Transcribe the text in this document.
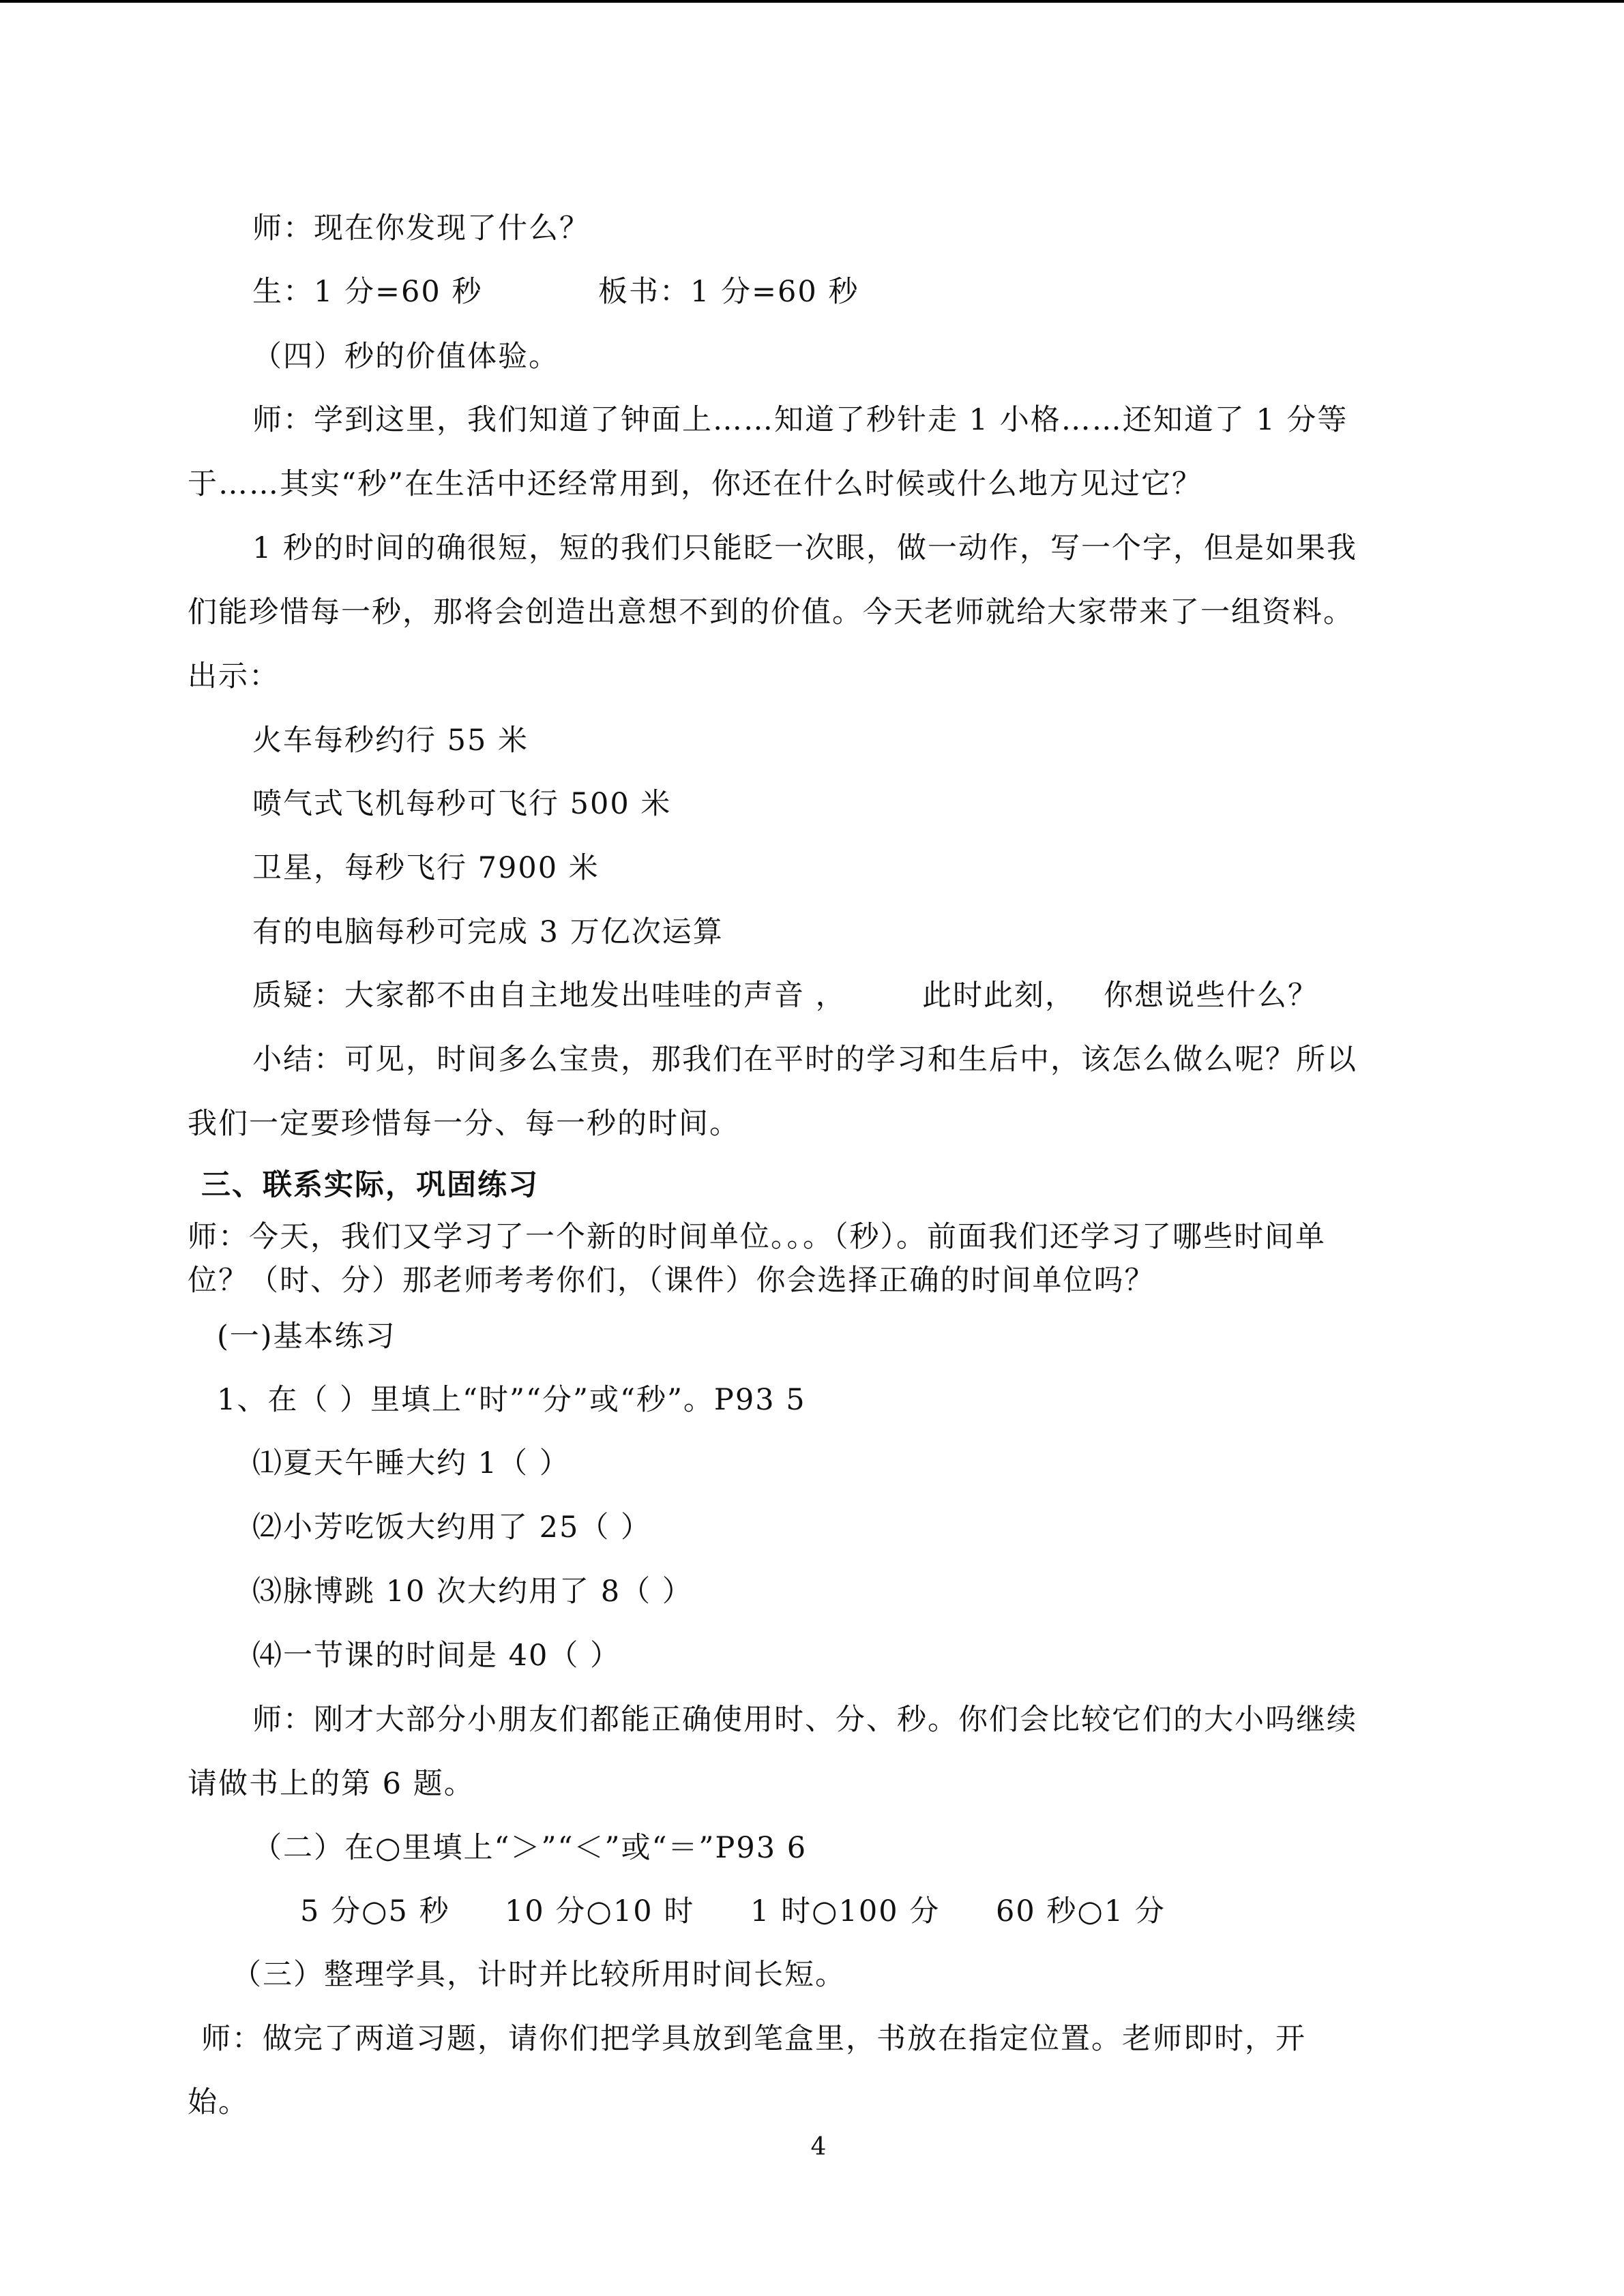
师：现在你发现了什么？
生：1 分=60 秒	板书：1 分=60 秒
（四）秒的价值体验。
师：学到这里，我们知道了钟面上……知道了秒针走 1 小格……还知道了 1 分等
于……其实“秒”在生活中还经常用到，你还在什么时候或什么地方见过它？
1 秒的时间的确很短，短的我们只能眨一次眼，做一动作，写一个字，但是如果我
们能珍惜每一秒，那将会创造出意想不到的价值。今天老师就给大家带来了一组资料。
出示：
火车每秒约行 55 米
喷气式飞机每秒可飞行 500 米
卫星，每秒飞行 7900 米
有的电脑每秒可完成 3 万亿次运算
质疑：大家都不由自主地发出哇哇的声音 ，	此时此刻， 你想说些什么？
小结：可见，时间多么宝贵，那我们在平时的学习和生后中，该怎么做么呢？所以
我们一定要珍惜每一分、每一秒的时间。
三、联系实际，巩固练习
师：今天，我们又学习了一个新的时间单位。。。（秒）。前面我们还学习了哪些时间单
位？（时、分）那老师考考你们，（课件）你会选择正确的时间单位吗？
(一)基本练习
1、在（ ）里填上“时”“分”或“秒”。P93 5
⑴夏天午睡大约 1（ ）
⑵小芳吃饭大约用了 25（ ）
⑶脉博跳 10 次大约用了 8（ ）
⑷一节课的时间是 40（ ）
师：刚才大部分小朋友们都能正确使用时、分、秒。你们会比较它们的大小吗继续
请做书上的第 6 题。
（二）在○里填上“＞”“＜”或“＝”P93 6
5 分○5 秒 10 分○10 时 1 时○100 分 60 秒○1 分
（三）整理学具，计时并比较所用时间长短。
师：做完了两道习题，请你们把学具放到笔盒里，书放在指定位置。老师即时，开
始。
4
